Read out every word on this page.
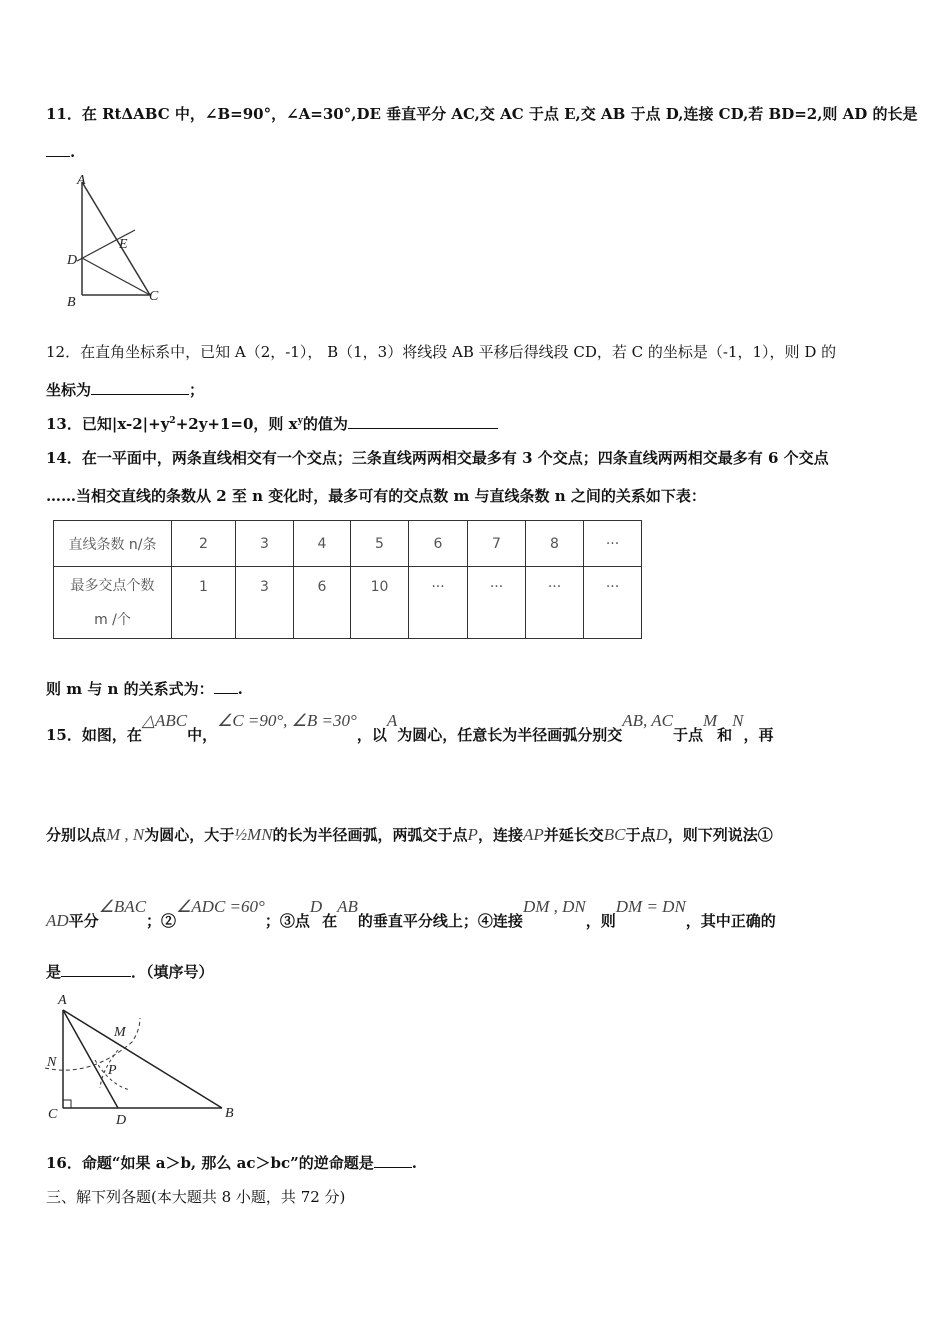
11．在 RtΔABC 中，∠B=90°，∠A=30°,DE 垂直平分 AC,交 AC 于点 E,交 AB 于点 D,连接 CD,若 BD=2,则 AD 的长是
.
A
B	C
D
E
12．在直角坐标系中，已知 A（2，-1）， B（1，3）将线段 AB 平移后得线段 CD，若 C 的坐标是（-1，1），则 D 的
坐标为	；
13．已知$|x-2|+y^2+2y+1=0$，则 $x^y$的值为
14．在一平面中，两条直线相交有一个交点；三条直线两两相交最多有 3 个交点；四条直线两两相交最多有 6 个交点
……当相交直线的条数从 2 至 n 变化时，最多可有的交点数 m 与直线条数 n 之间的关系如下表：
直线条数 n/条	2	3	4	5	6	7	8	···

最多交点个数
m /个	1	3	6	10	···	···	···	···
则 m 与 n 的关系式为： .
15．如图，在△ABC中，∠C =90°, ∠B =30°，以A为圆心，任意长为半径画弧分别交AB, AC于点M和N，再
分别以点M , N为圆心，大于½MN的长为半径画弧，两弧交于点P，连接AP并延长交BC于点D，则下列说法①
AD平分∠BAC；②∠ADC =60°；③点D在AB的垂直平分线上；④连接DM , DN，则DM = DN，其中正确的
是	．（填序号）
A
C	B
D
M
N
P
16．命题“如果 a＞b, 那么 ac＞bc”的逆命题是	.
三、解下列各题(本大题共 8 小题，共 72 分)
